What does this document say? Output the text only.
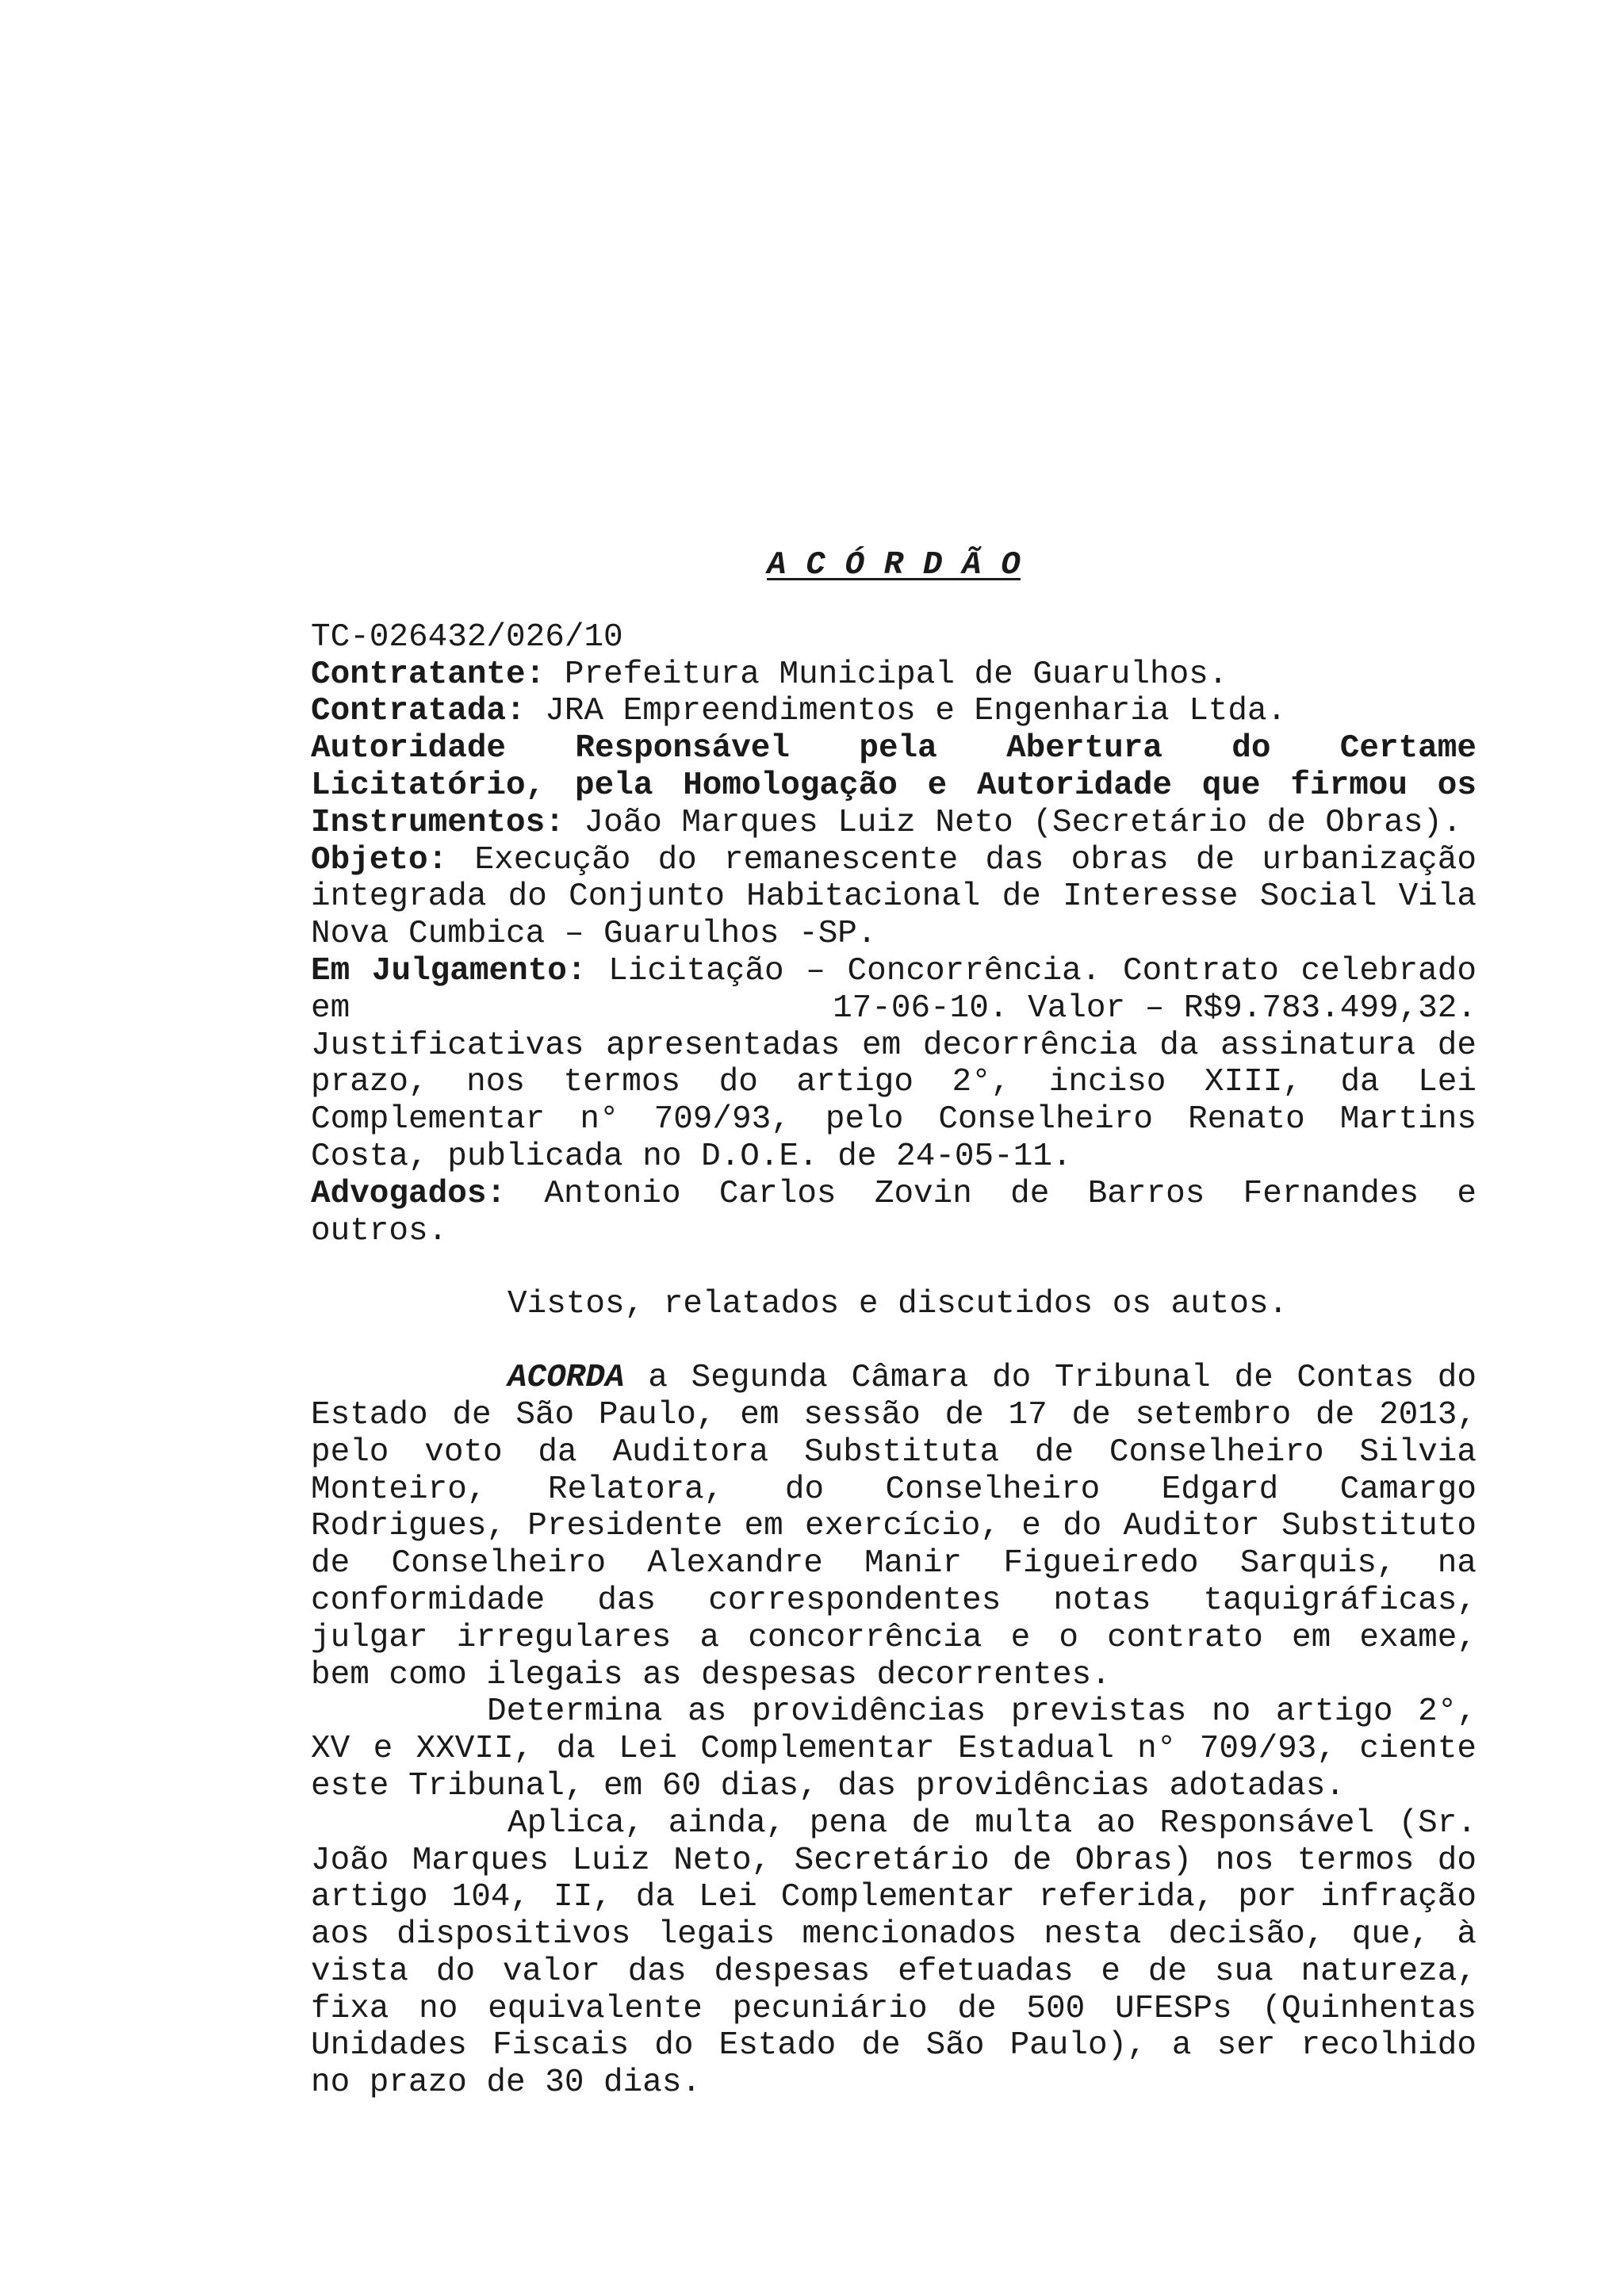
A C Ó R D Ã O

TC-026432/026/10

Contratante: Prefeitura Municipal de Guarulhos.

Contratada: JRA Empreendimentos e Engenharia Ltda.

Autoridade Responsável pela Abertura do Certame Licitatório, pela Homologação e Autoridade que firmou os Instrumentos: João Marques Luiz Neto (Secretário de Obras).

Objeto: Execução do remanescente das obras de urbanização integrada do Conjunto Habitacional de Interesse Social Vila Nova Cumbica – Guarulhos -SP.

Em Julgamento: Licitação – Concorrência. Contrato celebrado

em	17-06-10. Valor – R$9.783.499,32.

Justificativas apresentadas em decorrência da assinatura de prazo, nos termos do artigo 2°, inciso XIII, da Lei Complementar n° 709/93, pelo Conselheiro Renato Martins Costa, publicada no D.O.E. de 24-05-11.

Advogados: Antonio Carlos Zovin de Barros Fernandes e outros.

Vistos, relatados e discutidos os autos.

ACORDA a Segunda Câmara do Tribunal de Contas do Estado de São Paulo, em sessão de 17 de setembro de 2013, pelo voto da Auditora Substituta de Conselheiro Silvia Monteiro, Relatora, do Conselheiro Edgard Camargo Rodrigues, Presidente em exercício, e do Auditor Substituto de Conselheiro Alexandre Manir Figueiredo Sarquis, na conformidade das correspondentes notas taquigráficas, julgar irregulares a concorrência e o contrato em exame, bem como ilegais as despesas decorrentes.

Determina as providências previstas no artigo 2°, XV e XXVII, da Lei Complementar Estadual n° 709/93, ciente este Tribunal, em 60 dias, das providências adotadas.

Aplica, ainda, pena de multa ao Responsável (Sr. João Marques Luiz Neto, Secretário de Obras) nos termos do artigo 104, II, da Lei Complementar referida, por infração aos dispositivos legais mencionados nesta decisão, que, à vista do valor das despesas efetuadas e de sua natureza, fixa no equivalente pecuniário de 500 UFESPs (Quinhentas Unidades Fiscais do Estado de São Paulo), a ser recolhido no prazo de 30 dias.
